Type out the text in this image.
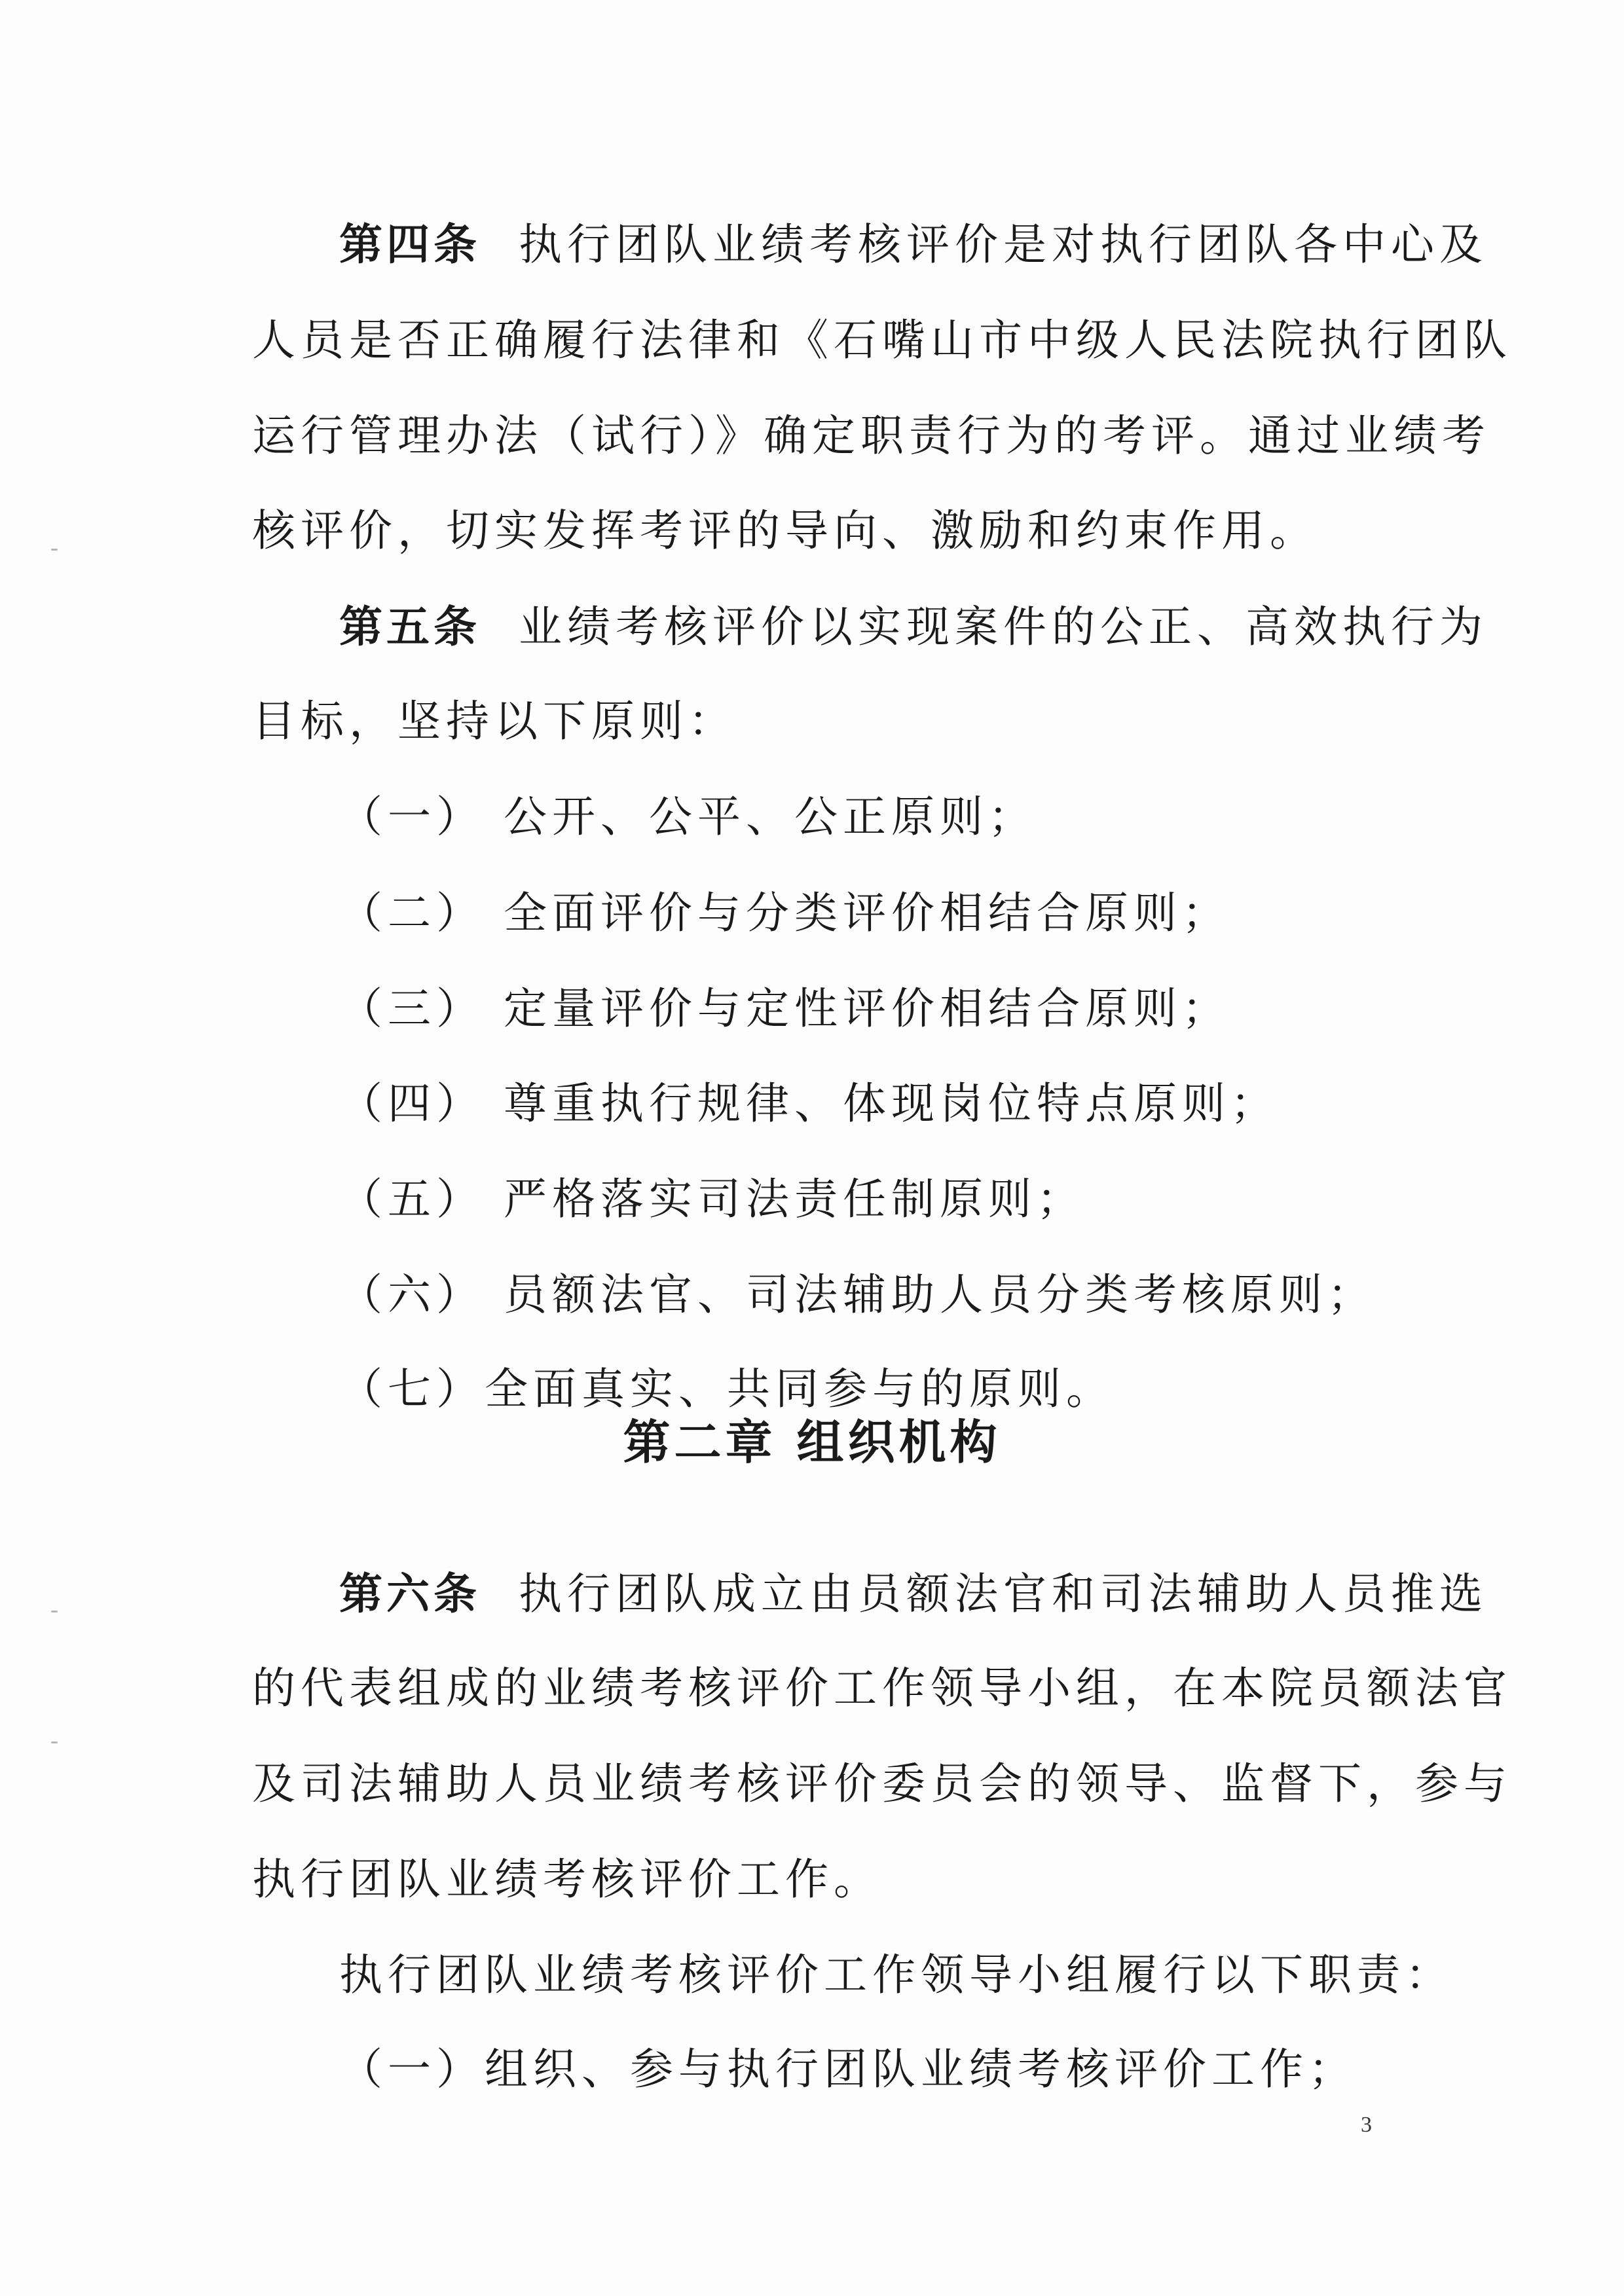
第四条 执行团队业绩考核评价是对执行团队各中心及
人员是否正确履行法律和《石嘴山市中级人民法院执行团队
运行管理办法（试行）》确定职责行为的考评。通过业绩考
核评价，切实发挥考评的导向、激励和约束作用。
第五条 业绩考核评价以实现案件的公正、高效执行为
目标，坚持以下原则：
（一） 公开、公平、公正原则；
（二） 全面评价与分类评价相结合原则；
（三） 定量评价与定性评价相结合原则；
（四） 尊重执行规律、体现岗位特点原则；
（五） 严格落实司法责任制原则；
（六） 员额法官、司法辅助人员分类考核原则；
（七）全面真实、共同参与的原则。
第二章 组织机构
第六条 执行团队成立由员额法官和司法辅助人员推选
的代表组成的业绩考核评价工作领导小组，在本院员额法官
及司法辅助人员业绩考核评价委员会的领导、监督下，参与
执行团队业绩考核评价工作。
执行团队业绩考核评价工作领导小组履行以下职责：
（一）组织、参与执行团队业绩考核评价工作；
3
